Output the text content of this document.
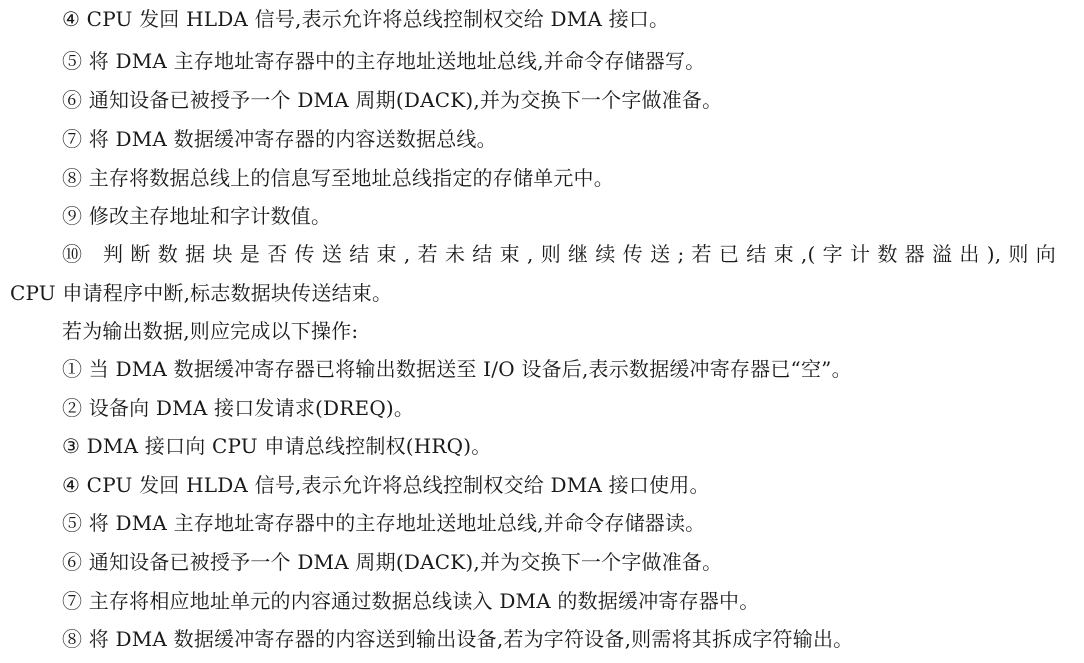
④ CPU 发回 HLDA 信号,表示允许将总线控制权交给 DMA 接口。
⑤ 将 DMA 主存地址寄存器中的主存地址送地址总线,并命令存储器写。
⑥ 通知设备已被授予一个 DMA 周期(DACK),并为交换下一个字做准备。
⑦ 将 DMA 数据缓冲寄存器的内容送数据总线。
⑧ 主存将数据总线上的信息写至地址总线指定的存储单元中。
⑨ 修改主存地址和字计数值。
⑩ 判断数据块是否传送结束,若未结束,则继续传送;若已结束,(字计数器溢出),则向
CPU 申请程序中断,标志数据块传送结束。
若为输出数据,则应完成以下操作:
① 当 DMA 数据缓冲寄存器已将输出数据送至 I/O 设备后,表示数据缓冲寄存器已“空”。
② 设备向 DMA 接口发请求(DREQ)。
③ DMA 接口向 CPU 申请总线控制权(HRQ)。
④ CPU 发回 HLDA 信号,表示允许将总线控制权交给 DMA 接口使用。
⑤ 将 DMA 主存地址寄存器中的主存地址送地址总线,并命令存储器读。
⑥ 通知设备已被授予一个 DMA 周期(DACK),并为交换下一个字做准备。
⑦ 主存将相应地址单元的内容通过数据总线读入 DMA 的数据缓冲寄存器中。
⑧ 将 DMA 数据缓冲寄存器的内容送到输出设备,若为字符设备,则需将其拆成字符输出。
